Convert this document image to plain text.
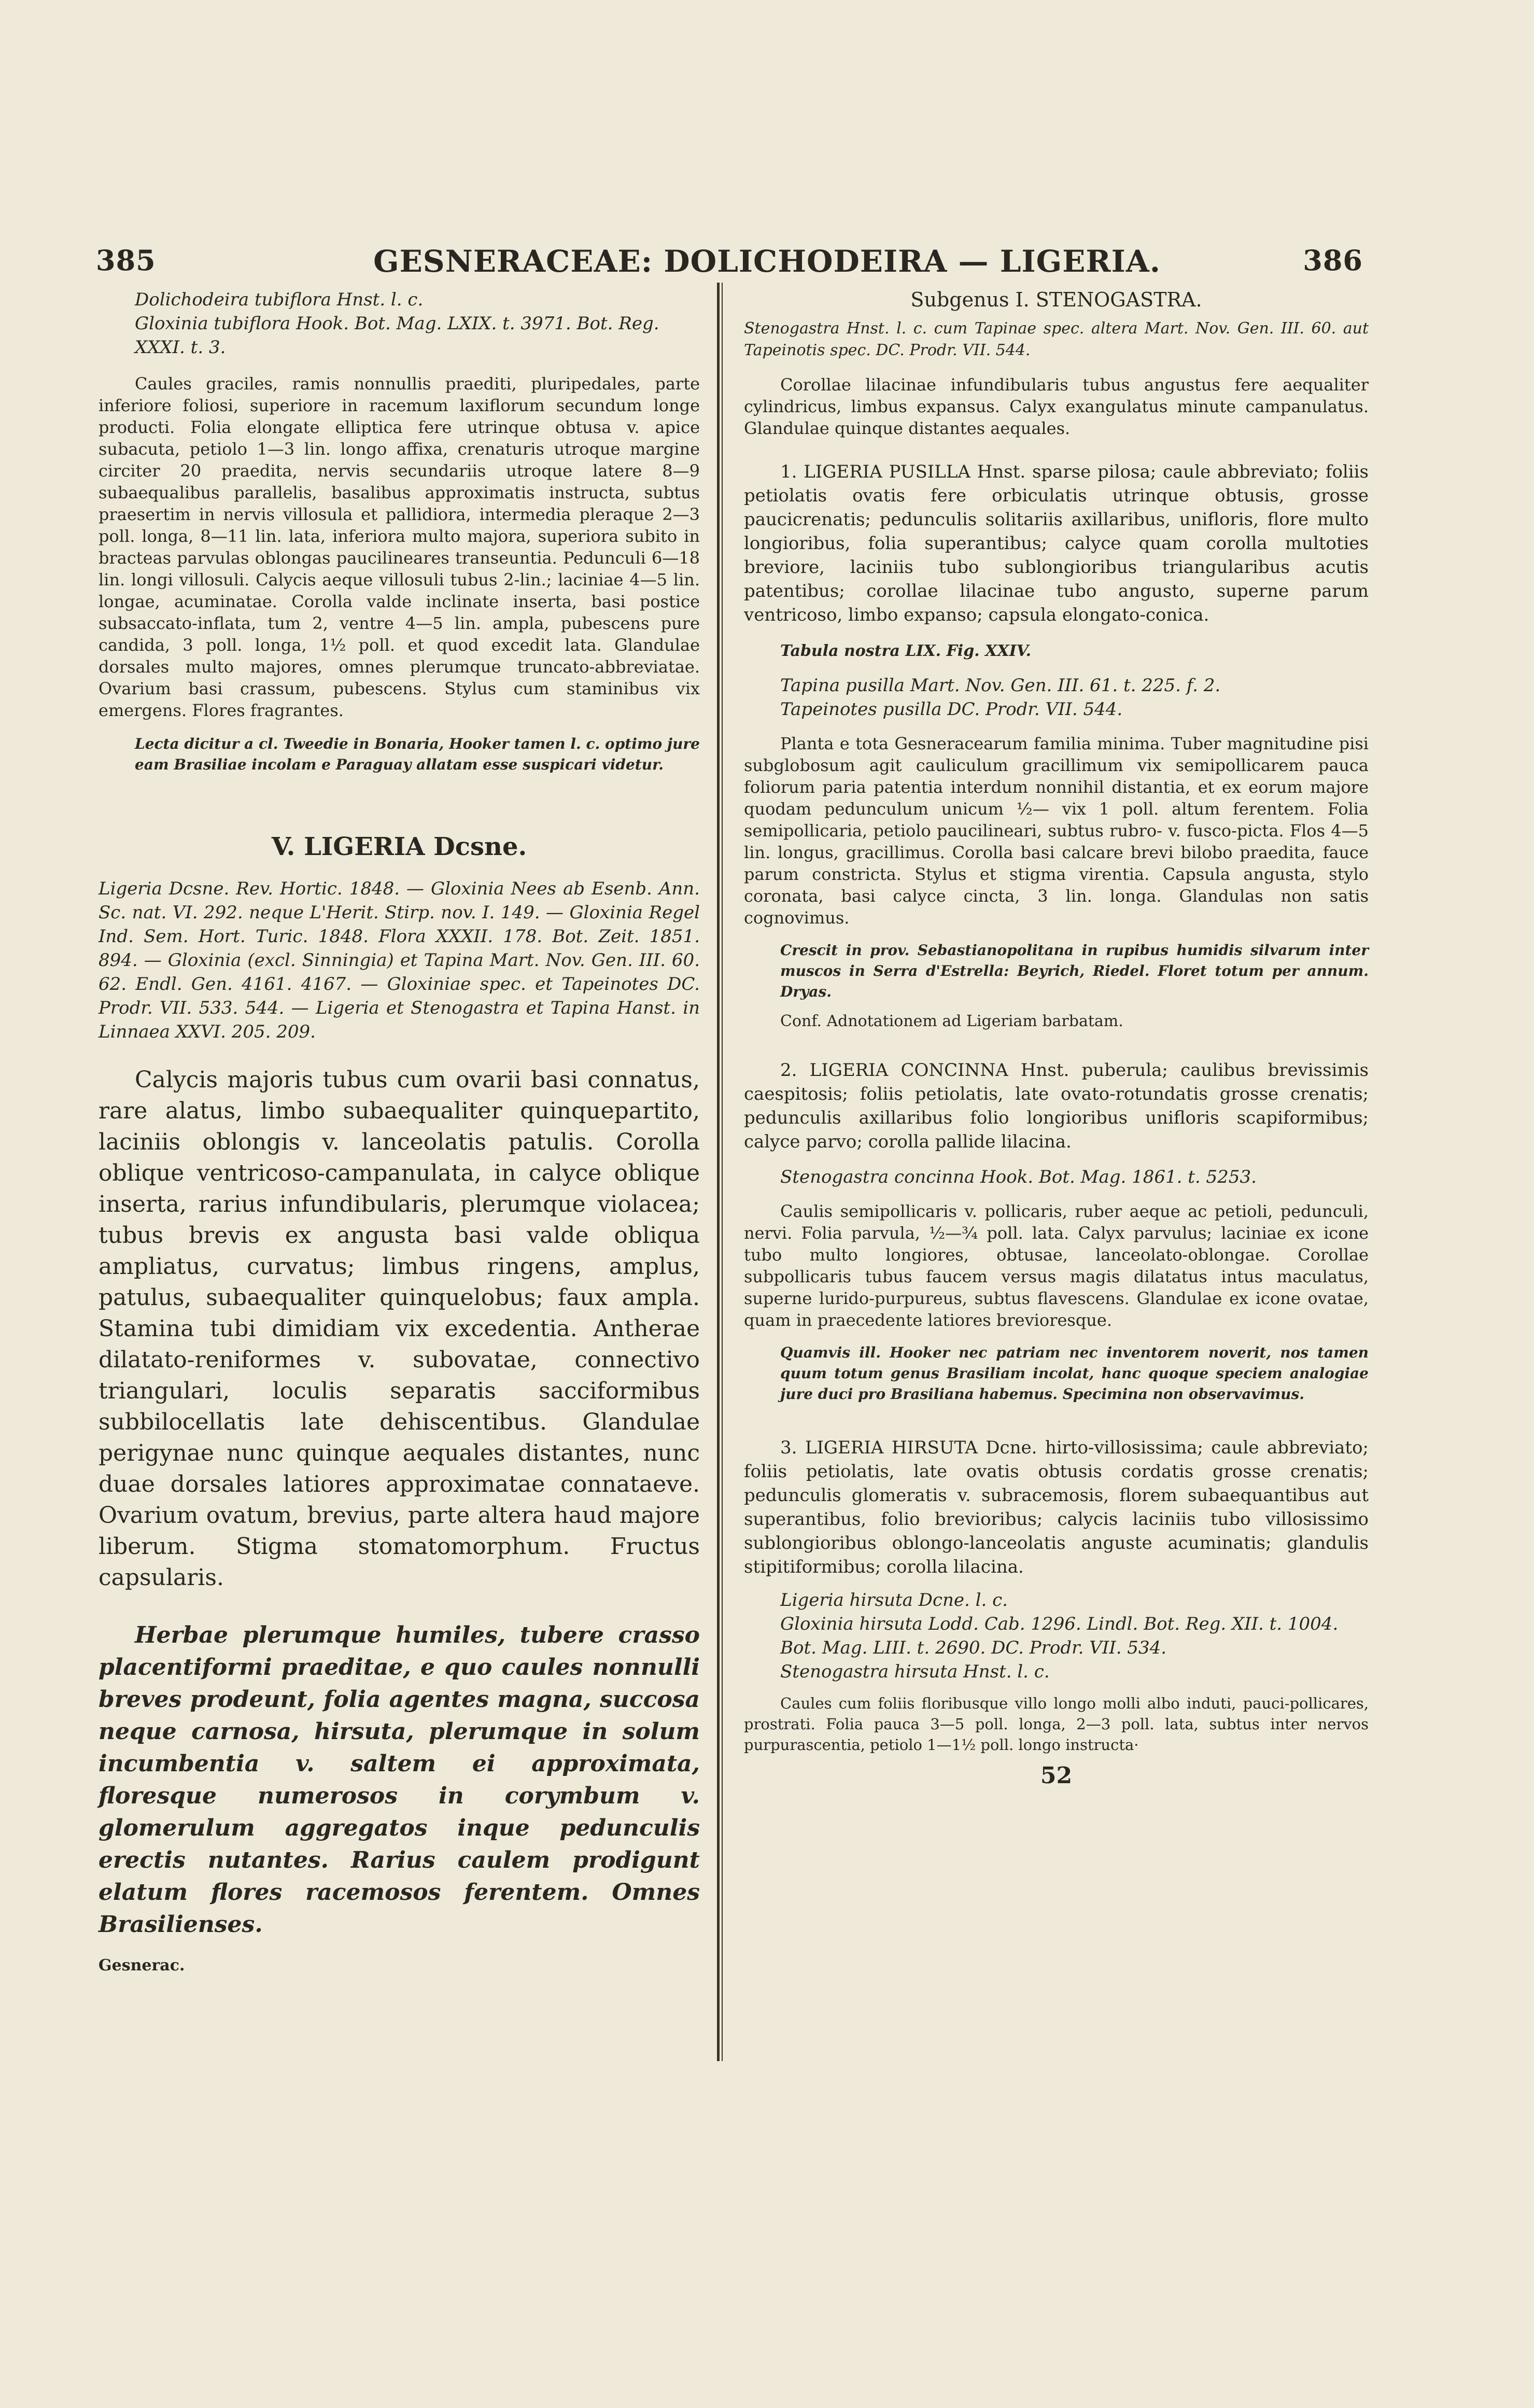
GESNERACEAE: DOLICHODEIRA — LIGERIA.
385	386

Dolichodeira tubiflora Hnst. l. c.

Gloxinia tubiflora Hook. Bot. Mag. LXIX. t. 3971. Bot. Reg. XXXI. t. 3.

Caules graciles, ramis nonnullis praediti, pluripedales, parte inferiore foliosi, superiore in racemum laxiflorum secundum longe producti. Folia elongate elliptica fere utrinque obtusa v. apice subacuta, petiolo 1—3 lin. longo affixa, crenaturis utroque margine circiter 20 praedita, nervis secundariis utroque latere 8—9 subaequalibus parallelis, basalibus approximatis instructa, subtus praesertim in nervis villosula et pallidiora, intermedia pleraque 2—3 poll. longa, 8—11 lin. lata, inferiora multo majora, superiora subito in bracteas parvulas oblongas paucilineares transeuntia. Pedunculi 6—18 lin. longi villosuli. Calycis aeque villosuli tubus 2-lin.; laciniae 4—5 lin. longae, acuminatae. Corolla valde inclinate inserta, basi postice subsaccato-inflata, tum 2, ventre 4—5 lin. ampla, pubescens pure candida, 3 poll. longa, 1½ poll. et quod excedit lata. Glandulae dorsales multo majores, omnes plerumque truncato-abbreviatae. Ovarium basi crassum, pubescens. Stylus cum staminibus vix emergens. Flores fragrantes.

Lecta dicitur a cl. Tweedie in Bonaria, Hooker tamen l. c. optimo jure eam Brasiliae incolam e Paraguay allatam esse suspicari videtur.

V. LIGERIA Dcsne.

Ligeria Dcsne. Rev. Hortic. 1848. — Gloxinia Nees ab Esenb. Ann. Sc. nat. VI. 292. neque L'Herit. Stirp. nov. I. 149. — Gloxinia Regel Ind. Sem. Hort. Turic. 1848. Flora XXXII. 178. Bot. Zeit. 1851. 894. — Gloxinia (excl. Sinningia) et Tapina Mart. Nov. Gen. III. 60. 62. Endl. Gen. 4161. 4167. — Gloxiniae spec. et Tapeinotes DC. Prodr. VII. 533. 544. — Ligeria et Stenogastra et Tapina Hanst. in Linnaea XXVI. 205. 209.

Calycis majoris tubus cum ovarii basi connatus, rare alatus, limbo subaequaliter quinquepartito, laciniis oblongis v. lanceolatis patulis. Corolla oblique ventricoso-campanulata, in calyce oblique inserta, rarius infundibularis, plerumque violacea; tubus brevis ex angusta basi valde obliqua ampliatus, curvatus; limbus ringens, amplus, patulus, subaequaliter quinquelobus; faux ampla. Stamina tubi dimidiam vix excedentia. Antherae dilatato-reniformes v. subovatae, connectivo triangulari, loculis separatis sacciformibus subbilocellatis late dehiscentibus. Glandulae perigynae nunc quinque aequales distantes, nunc duae dorsales latiores approximatae connataeve. Ovarium ovatum, brevius, parte altera haud majore liberum. Stigma stomatomorphum. Fructus capsularis.

Herbae plerumque humiles, tubere crasso placentiformi praeditae, e quo caules nonnulli breves prodeunt, folia agentes magna, succosa neque carnosa, hirsuta, plerumque in solum incumbentia v. saltem ei approximata, floresque numerosos in corymbum v. glomerulum aggregatos inque pedunculis erectis nutantes. Rarius caulem prodigunt elatum flores racemosos ferentem. Omnes Brasilienses.

Gesnerac.

Subgenus I. STENOGASTRA.

Stenogastra Hnst. l. c. cum Tapinae spec. altera Mart. Nov. Gen. III. 60. aut Tapeinotis spec. DC. Prodr. VII. 544.

Corollae lilacinae infundibularis tubus angustus fere aequaliter cylindricus, limbus expansus. Calyx exangulatus minute campanulatus. Glandulae quinque distantes aequales.

1. LIGERIA PUSILLA Hnst. sparse pilosa; caule abbreviato; foliis petiolatis ovatis fere orbiculatis utrinque obtusis, grosse paucicrenatis; pedunculis solitariis axillaribus, unifloris, flore multo longioribus, folia superantibus; calyce quam corolla multoties breviore, laciniis tubo sublongioribus triangularibus acutis patentibus; corollae lilacinae tubo angusto, superne parum ventricoso, limbo expanso; capsula elongato-conica.

Tabula nostra LIX. Fig. XXIV.

Tapina pusilla Mart. Nov. Gen. III. 61. t. 225. f. 2.

Tapeinotes pusilla DC. Prodr. VII. 544.

Planta e tota Gesneracearum familia minima. Tuber magnitudine pisi subglobosum agit cauliculum gracillimum vix semipollicarem pauca foliorum paria patentia interdum nonnihil distantia, et ex eorum majore quodam pedunculum unicum ½— vix 1 poll. altum ferentem. Folia semipollicaria, petiolo paucilineari, subtus rubro- v. fusco-picta. Flos 4—5 lin. longus, gracillimus. Corolla basi calcare brevi bilobo praedita, fauce parum constricta. Stylus et stigma virentia. Capsula angusta, stylo coronata, basi calyce cincta, 3 lin. longa. Glandulas non satis cognovimus.

Crescit in prov. Sebastianopolitana in rupibus humidis silvarum inter muscos in Serra d'Estrella: Beyrich, Riedel. Floret totum per annum. Dryas.

Conf. Adnotationem ad Ligeriam barbatam.

2. LIGERIA CONCINNA Hnst. puberula; caulibus brevissimis caespitosis; foliis petiolatis, late ovato-rotundatis grosse crenatis; pedunculis axillaribus folio longioribus unifloris scapiformibus; calyce parvo; corolla pallide lilacina.

Stenogastra concinna Hook. Bot. Mag. 1861. t. 5253.

Caulis semipollicaris v. pollicaris, ruber aeque ac petioli, pedunculi, nervi. Folia parvula, ½—¾ poll. lata. Calyx parvulus; laciniae ex icone tubo multo longiores, obtusae, lanceolato-oblongae. Corollae subpollicaris tubus faucem versus magis dilatatus intus maculatus, superne lurido-purpureus, subtus flavescens. Glandulae ex icone ovatae, quam in praecedente latiores brevioresque.

Quamvis ill. Hooker nec patriam nec inventorem noverit, nos tamen quum totum genus Brasiliam incolat, hanc quoque speciem analogiae jure duci pro Brasiliana habemus. Specimina non observavimus.

3. LIGERIA HIRSUTA Dcne. hirto-villosissima; caule abbreviato; foliis petiolatis, late ovatis obtusis cordatis grosse crenatis; pedunculis glomeratis v. subracemosis, florem subaequantibus aut superantibus, folio brevioribus; calycis laciniis tubo villosissimo sublongioribus oblongo-lanceolatis anguste acuminatis; glandulis stipitiformibus; corolla lilacina.

Ligeria hirsuta Dcne. l. c.

Gloxinia hirsuta Lodd. Cab. 1296. Lindl. Bot. Reg. XII. t. 1004. Bot. Mag. LIII. t. 2690. DC. Prodr. VII. 534.

Stenogastra hirsuta Hnst. l. c.

Caules cum foliis floribusque villo longo molli albo induti, pauci-pollicares, prostrati. Folia pauca 3—5 poll. longa, 2—3 poll. lata, subtus inter nervos purpurascentia, petiolo 1—1½ poll. longo instructa·

52
